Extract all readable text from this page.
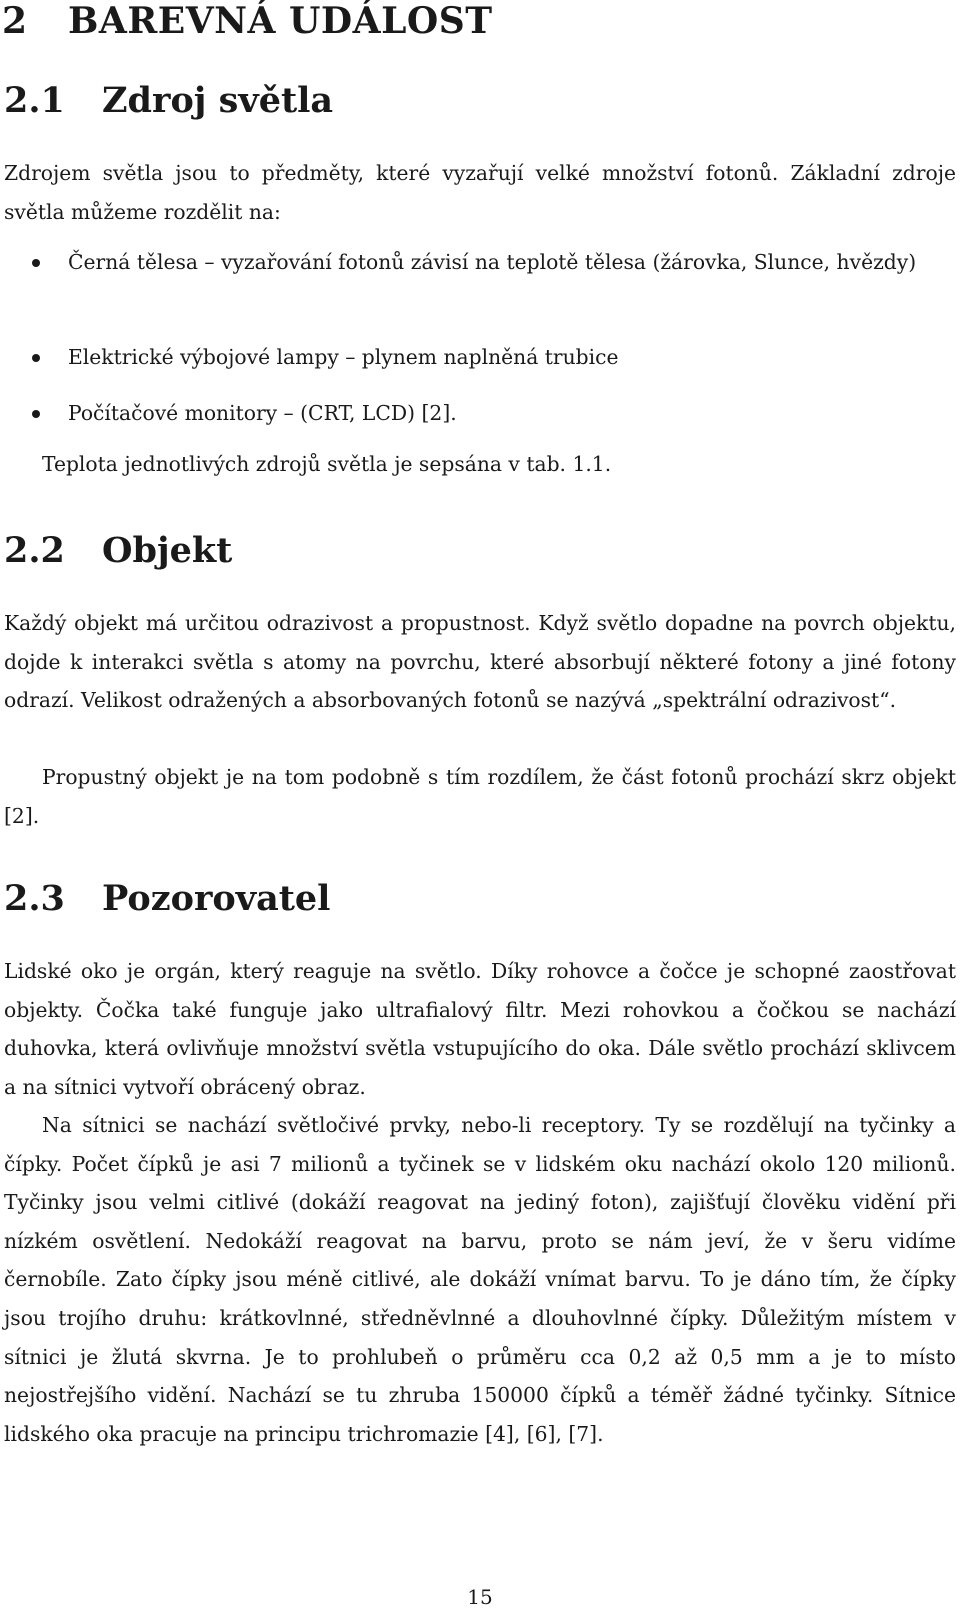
2 BAREVNÁ UDÁLOST
2.1 Zdroj světla

Zdrojem světla jsou to předměty, které vyzařují velké množství fotonů. Základní zdroje světla můžeme rozdělit na:

Černá tělesa – vyzařování fotonů závisí na teplotě tělesa (žárovka, Slunce, hvězdy)
Elektrické výbojové lampy – plynem naplněná trubice
Počítačové monitory – (CRT, LCD) [2].

Teplota jednotlivých zdrojů světla je sepsána v tab. 1.1.

2.2 Objekt

Každý objekt má určitou odrazivost a propustnost. Když světlo dopadne na povrch objektu, dojde k interakci světla s atomy na povrchu, které absorbují některé fotony a jiné fotony odrazí. Velikost odražených a absorbovaných fotonů se nazývá „spektrální odrazivost“.

Propustný objekt je na tom podobně s tím rozdílem, že část fotonů prochází skrz objekt [2].

2.3 Pozorovatel

Lidské oko je orgán, který reaguje na světlo. Díky rohovce a čočce je schopné zaostřovat objekty. Čočka také funguje jako ultrafialový filtr. Mezi rohovkou a čočkou se nachází duhovka, která ovlivňuje množství světla vstupujícího do oka. Dále světlo prochází sklivcem a na sítnici vytvoří obrácený obraz.

Na sítnici se nachází světločivé prvky, nebo-li receptory. Ty se rozdělují na tyčinky a čípky. Počet čípků je asi 7 milionů a tyčinek se v lidském oku nachází okolo 120 milionů. Tyčinky jsou velmi citlivé (dokáží reagovat na jediný foton), zajišťují člověku vidění při nízkém osvětlení. Nedokáží reagovat na barvu, proto se nám jeví, že v šeru vidíme černobíle. Zato čípky jsou méně citlivé, ale dokáží vnímat barvu. To je dáno tím, že čípky jsou trojího druhu: krátkovlnné, středněvlnné a dlouhovlnné čípky. Důležitým místem v sítnici je žlutá skvrna. Je to prohlubeň o průměru cca 0,2 až 0,5 mm a je to místo nejostřejšího vidění. Nachází se tu zhruba 150000 čípků a téměř žádné tyčinky. Sítnice lidského oka pracuje na principu trichromazie [4], [6], [7].

15
